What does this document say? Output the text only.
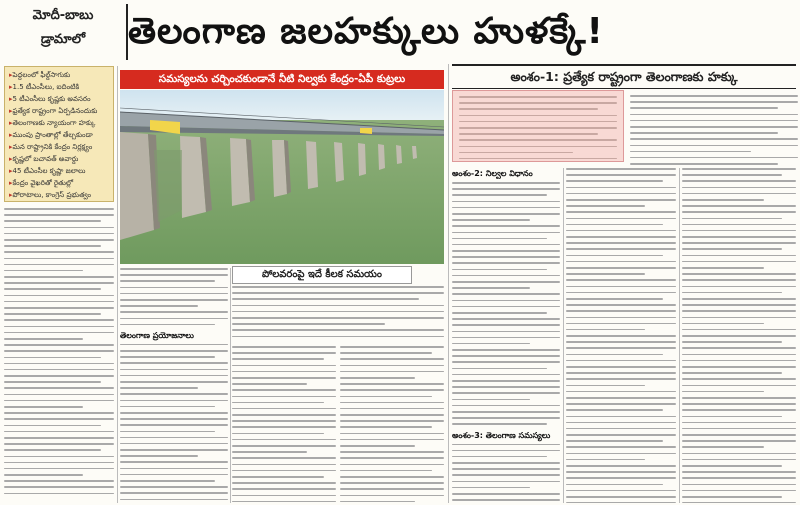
మోదీ-బాబు
డ్రామాలో	తెలంగాణ జలహక్కులు హుళక్కే!
▸ పెద్దలంలో ఫీల్డ్‌సాగుకు
▸ 1.5 టీఎంసీలు, ఐదింటికి
▸ 5 టీఎంసీలు కృష్ణకు అవసరం
▸ ఫ్రత్యేక రాష్ట్రంగా ఏర్పడినందుకు
▸ తెలంగాణకు న్యాయంగా హక్కు
▸ ముంపు ప్రాంతాల్లో తేల్చకుండా
▸ మన రాష్ట్రానికి కేంద్రం నిర్లక్ష్యం
▸ కృష్ణలో బచావత్ అవార్డు
▸ 45 టీఎంసీల కృష్ణా జలాలు
▸ కేంద్రం వైఖరితో రైతుల్లో
▸ పోరాటాలు, కాంగ్రెస్ ప్రభుత్వం
సమస్యలను చర్చించకుండానే నీటి నిల్వకు కేంద్రం-ఏపీ కుట్రలు
పోలవరంపై ఇదే కీలక సమయం
అంశం-1: ప్రత్యేక రాష్ట్రంగా తెలంగాణకు హక్కు
తెలంగాణ ప్రయోజనాలు
అంశం-2: నిల్వల విధానం
అంశం-3: తెలంగాణ సమస్యలు
